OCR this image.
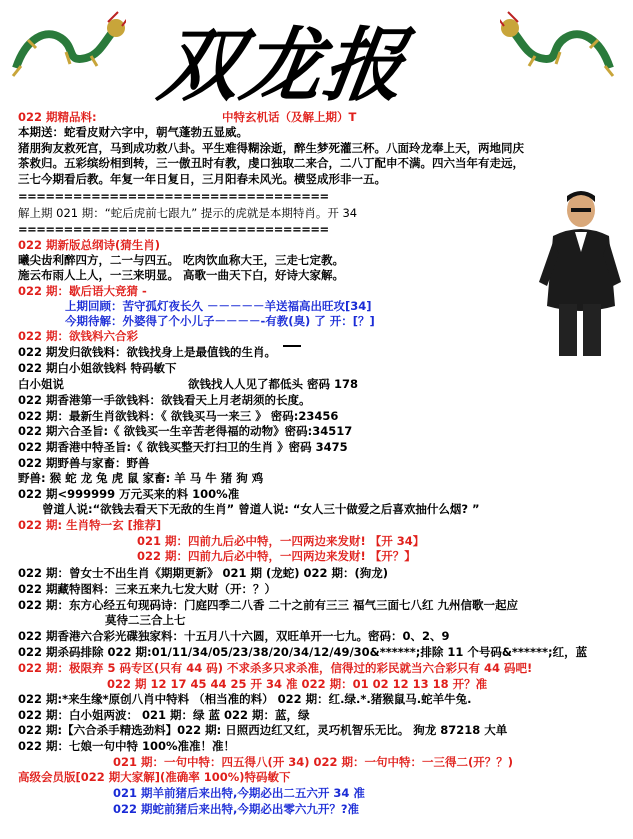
双龙报
022 期精品料:	中特玄机话（及解上期）T
本期送：蛇看皮财六字中，朝气蓬勃五显威。
猪朋狗友救死宫，马到成功救八卦。平生难得糊涂逝，醉生梦死灌三杯。八面玲龙奉上天，两地同庆
茶救归。五彩缤纷相到转，三一傲丑时有教，虔口独取二来合，二八丁配申不满。四六当年有走远，
三七今期看后教。年复一年日复日，三月阳春未风光。横竖成形非一五。
==================================
解上期 021 期：“蛇后虎前七跟九” 提示的虎就是本期特肖。开 34
==================================
022 期新版总纲诗(猜生肖)
曦尖齿利醉四方，二一与四五。 吃肉饮血称大王，三走七定教。
施云布雨人上人，一三来明显。 高歌一曲天下白，好诗大家解。
022 期：歇后语大竞猜 -
上期回顾：苦守孤灯夜长久 －－－－－羊送福高出旺攻[34]
今期待解：外婆得了个小儿子－－－－-有教(臭) 了 开：[？]
022 期：欲钱料六合彩
022 期发归欲钱料：欲钱找身上是最值钱的生肖。
022 期白小姐欲钱料 特码敏下
白小姐说	欲钱找人人见了都低头 密码 178
022 期香港第一手欲钱料：欲钱看天上月老胡须的长度。
022 期：最新生肖欲钱料：《 欲钱买马一来三 》 密码:23456
022 期六合圣旨:《 欲钱买一生辛苦老得福的动物》密码:34517
022 期香港中特圣旨:《 欲钱买整天打扫卫的生肖 》密码 3475
022 期野兽与家畜：野兽
野兽: 猴 蛇 龙 兔 虎 鼠 家畜: 羊 马 牛 猪 狗 鸡
022 期<999999 万元买来的料 100%准
曾道人说:“欲钱去看天下无敌的生肖” 曾道人说: “女人三十做爱之后喜欢抽什么烟? ”
022 期: 生肖特一玄 [推荐]
021 期：四前九后必中特，一四两边来发财! 【开 34】
022 期：四前九后必中特，一四两边来发财! 【开？】
022 期：曾女士不出生肖《期期更新》 021 期 (龙蛇) 022 期：(狗龙)
022 期藏特图料：三来五来九七发大财（开：？）
022 期：东方心经五句现码诗：门庭四季二八香 二十之前有三三 福气三面七八红 九州信歌一起应
莫待二三合上七
022 期香港六合彩光碟独家料：十五月八十六圆，双旺单开一七九。密码：0、2、9
022 期杀码排除 022 期:01/11/34/05/23/38/20/34/12/49/30&******;排除 11 个号码&******;红，蓝
022 期：极限弃 5 码专区(只有 44 码) 不求杀多只求杀准，信得过的彩民就当六合彩只有 44 码吧!
022 期 12 17 45 44 25 开 34 准 022 期：01 02 12 13 18 开？准
022 期:*来生缘*原创八肖中特料 （相当准的料） 022 期：红.绿.*.猪猴鼠马.蛇羊牛兔.
022 期：白小姐两波： 021 期：绿 蓝 022 期：蓝，绿
022 期:【六合杀手精选劲料】022 期: 日照西边红又红，灵巧机智乐无比。 狗龙 87218 大单
022 期：七娘一句中特 100%准准！准！
021 期：一句中特：四五得八(开 34) 022 期：一句中特：一三得二(开？？)
高级会员版[022 期大家解](准确率 100%)特码敏下
021 期羊前猪后来出特,今期必出二五六开 34 准
022 期蛇前猪后来出特,今期必出零六九开？?准
